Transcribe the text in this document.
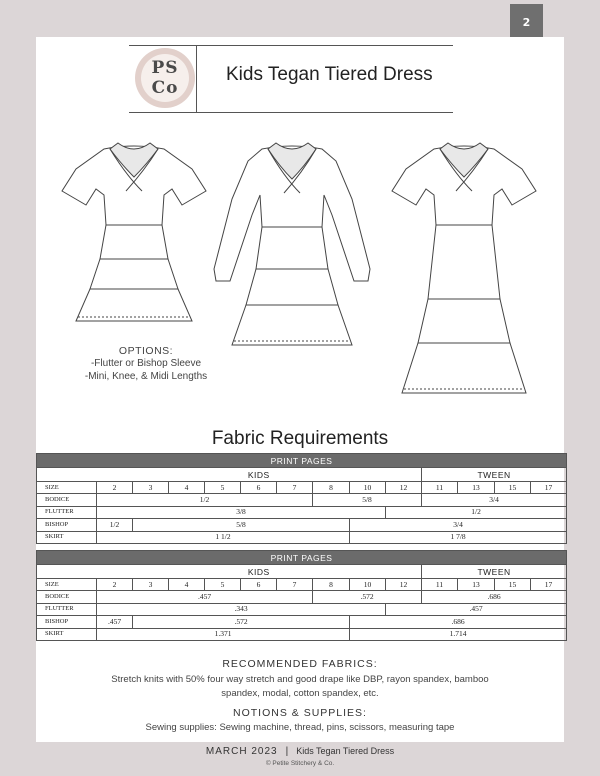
2
PS
Co
Kids Tegan Tiered Dress
OPTIONS:
-Flutter or Bishop Sleeve
-Mini, Knee, & Midi Lengths
Fabric Requirements
PRINT PAGES													
	KIDS									TWEEN			
SIZE	2	3	4	5	6	7	8	10	12	11	13	15	17
BODICE	1/2						5/8			3/4			
FLUTTER	3/8								1/2				
BISHOP	1/2	5/8						3/4					
SKIRT	1 1/2							1 7/8					
PRINT PAGES													
	KIDS									TWEEN			
SIZE	2	3	4	5	6	7	8	10	12	11	13	15	17
BODICE	.457						.572			.686			
FLUTTER	.343								.457				
BISHOP	.457	.572						.686					
SKIRT	1.371							1.714					
RECOMMENDED FABRICS:
Stretch knits with 50% four way stretch and good drape like DBP, rayon spandex, bamboo
spandex, modal, cotton spandex, etc.
NOTIONS & SUPPLIES:
Sewing supplies: Sewing machine, thread, pins, scissors, measuring tape
MARCH 2023 | Kids Tegan Tiered Dress
© Petite Stitchery & Co.
